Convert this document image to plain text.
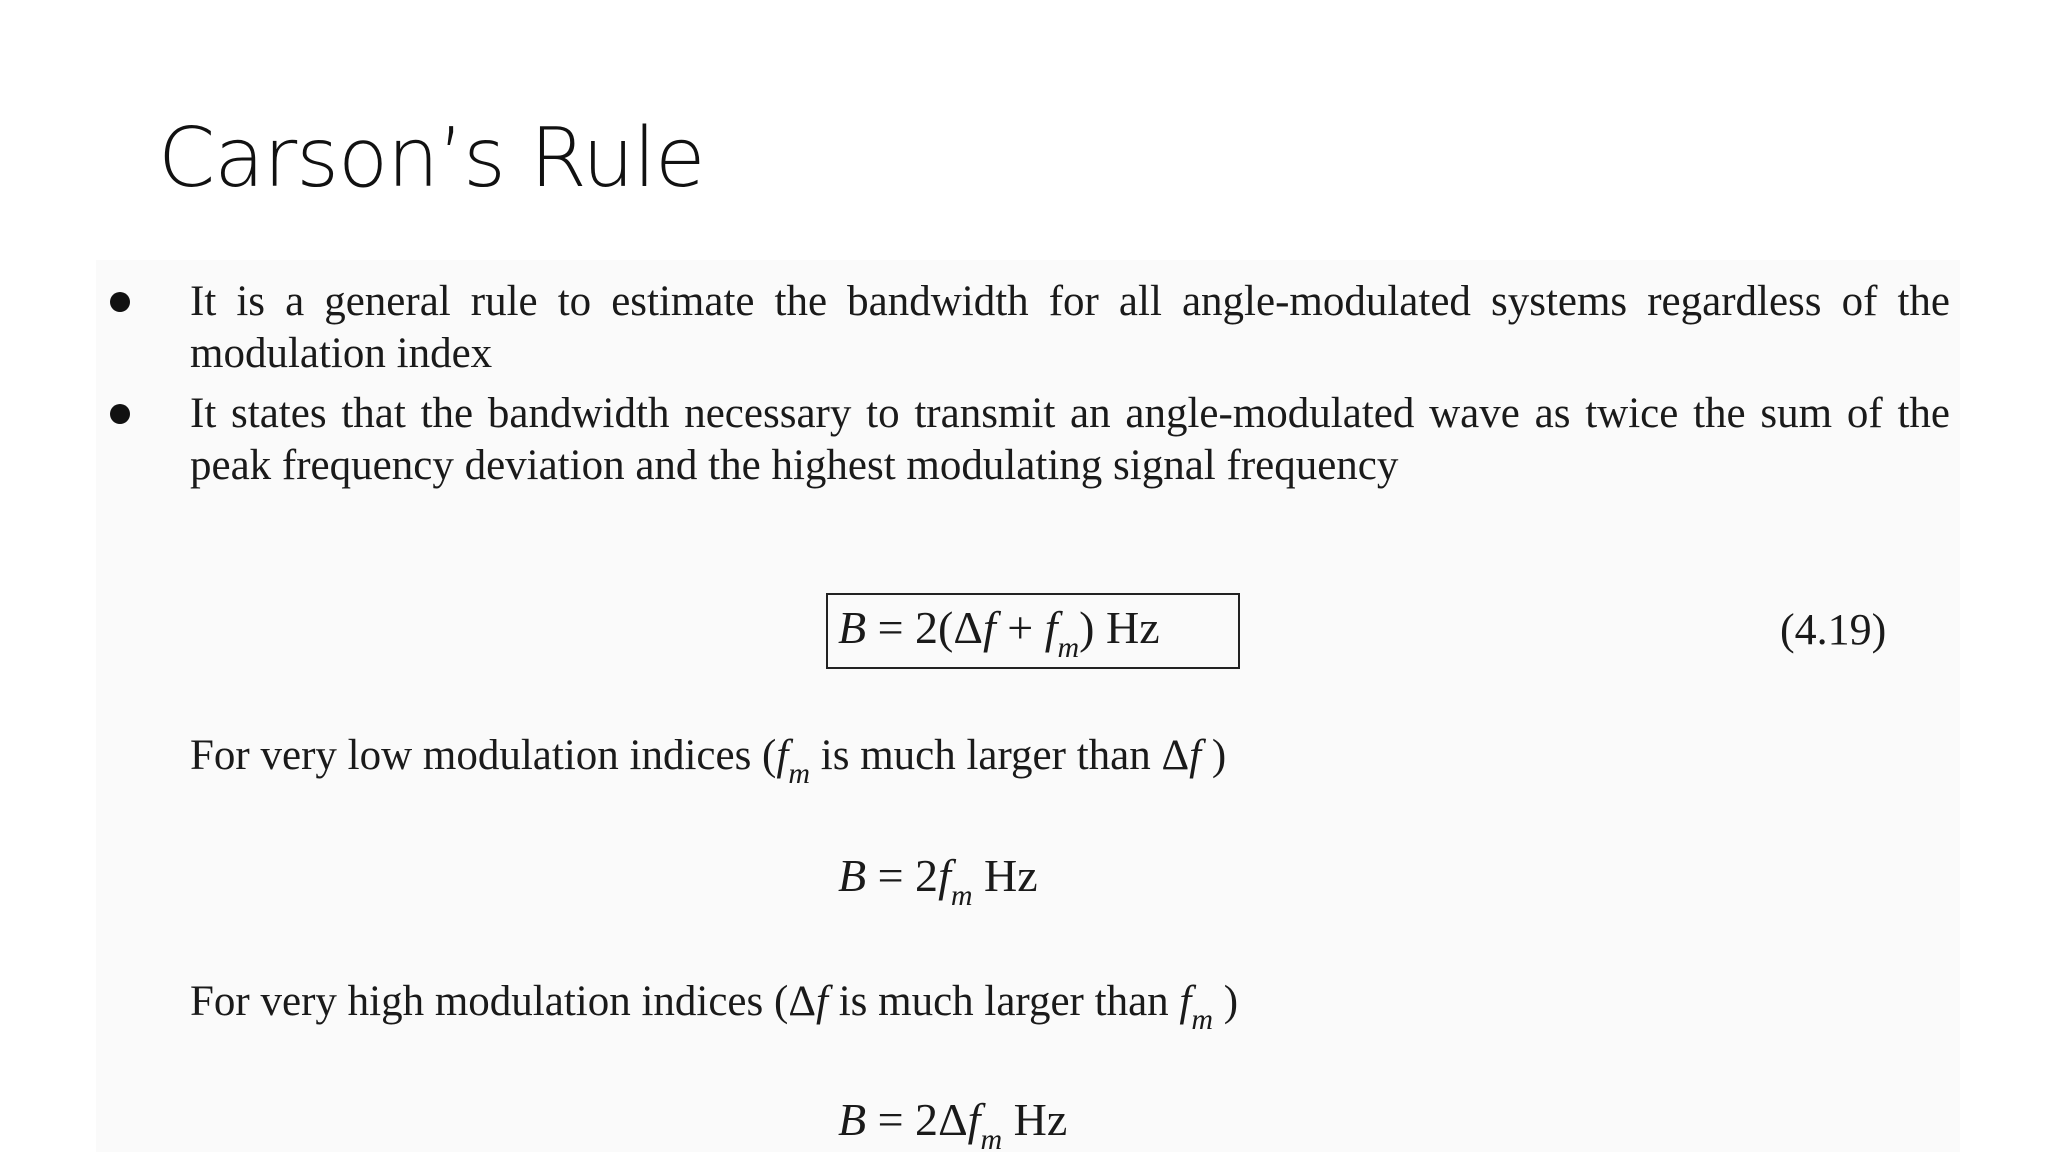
Carson’s Rule

It is a general rule to estimate the bandwidth for all angle-modulated systems regardless of the modulation index

It states that the bandwidth necessary to transmit an angle-modulated wave as twice the sum of the peak frequency deviation and the highest modulating signal frequency

$B = 2(\Delta f + f_m)$ Hz	(4.19)

For very low modulation indices ($f_m$ is much larger than Δf )

$B = 2f_m$ Hz

For very high modulation indices (Δf is much larger than $f_m$ )

$B = 2\Delta f_m$ Hz
